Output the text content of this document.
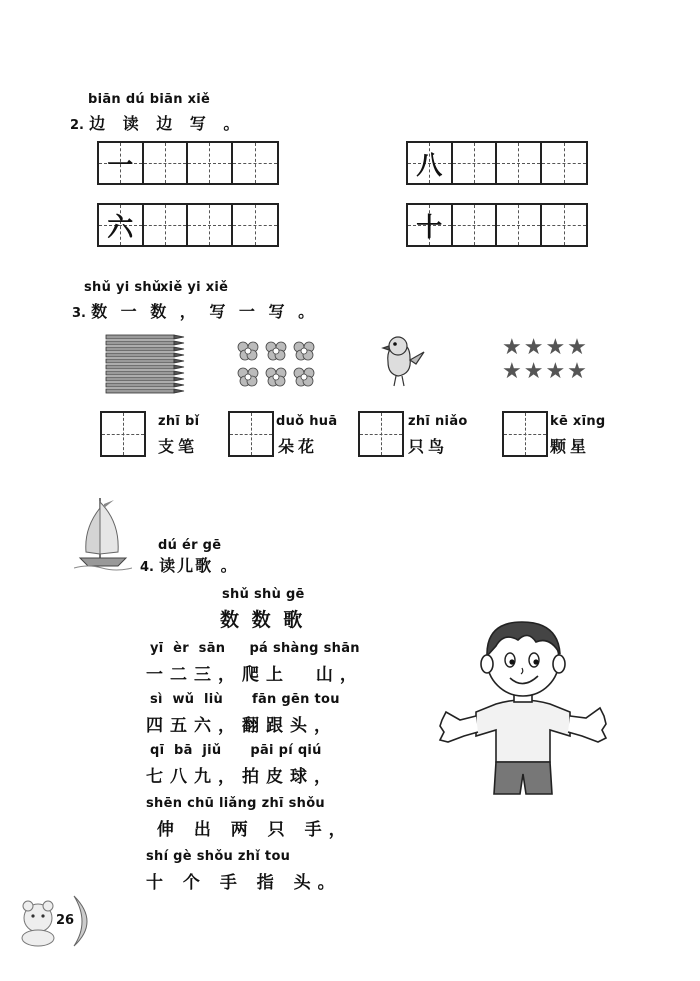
biān dú biān xiě
2. 边 读 边 写 。
一	八
六	十
shǔ yi shǔ
xiě yi xiě
3. 数 一 数 ， 写 一 写 。
★★★★
★★★★
zhī bǐ
支笔
duǒ huā
朵花
zhī niǎo
只鸟
kē xīng
颗星
dú ér gē
4. 读儿歌 。
shǔ shù gē
数 数 歌
yī  èr  sān     pá shàng shān
一二三，爬上  山，
sì  wǔ  liù      fān gēn tou
四五六，翻跟头，
qī  bā  jiǔ      pāi pí qiú
七八九，拍皮球，
shēn chū liǎng zhī shǒu
伸 出 两 只 手，
shí gè shǒu zhǐ tou
十 个 手 指 头。
26
